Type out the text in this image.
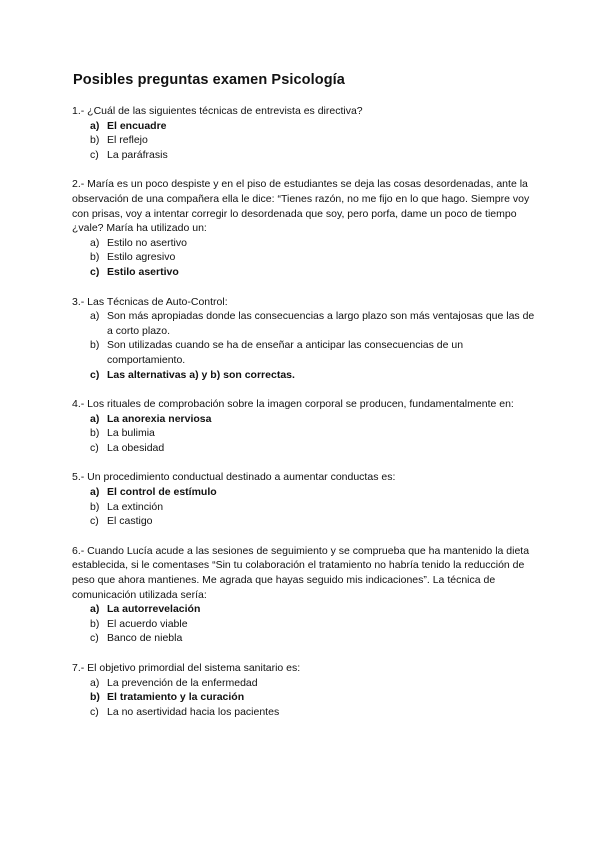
Posibles preguntas examen Psicología

1.- ¿Cuál de las siguientes técnicas de entrevista es directiva?

a) El encuadre
b) El reflejo
c) La paráfrasis

2.- María es un poco despiste y en el piso de estudiantes se deja las cosas desordenadas, ante la observación de una compañera ella le dice: “Tienes razón, no me fijo en lo que hago. Siempre voy con prisas, voy a intentar corregir lo desordenada que soy, pero porfa, dame un poco de tiempo ¿vale? María ha utilizado un:

a) Estilo no asertivo
b) Estilo agresivo
c) Estilo asertivo

3.- Las Técnicas de Auto-Control:

a) Son más apropiadas donde las consecuencias a largo plazo son más ventajosas que las de a corto plazo.
b) Son utilizadas cuando se ha de enseñar a anticipar las consecuencias de un comportamiento.
c) Las alternativas a) y b) son correctas.

4.- Los rituales de comprobación sobre la imagen corporal se producen, fundamentalmente en:

a) La anorexia nerviosa
b) La bulimia
c) La obesidad

5.- Un procedimiento conductual destinado a aumentar conductas es:

a) El control de estímulo
b) La extinción
c) El castigo

6.- Cuando Lucía acude a las sesiones de seguimiento y se comprueba que ha mantenido la dieta establecida, si le comentases “Sin tu colaboración el tratamiento no habría tenido la reducción de peso que ahora mantienes. Me agrada que hayas seguido mis indicaciones”. La técnica de comunicación utilizada sería:

a) La autorrevelación
b) El acuerdo viable
c) Banco de niebla

7.- El objetivo primordial del sistema sanitario es:

a) La prevención de la enfermedad
b) El tratamiento y la curación
c) La no asertividad hacia los pacientes
